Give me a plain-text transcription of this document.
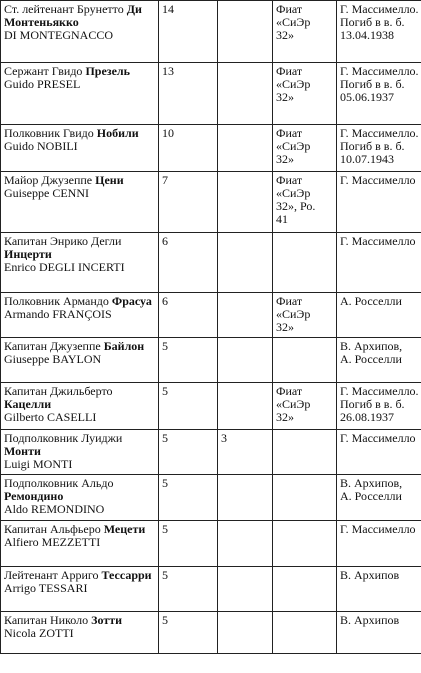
Ст. лейтенант Брунетто Ди Монтеньякко
DI MONTEGNACCO	14		Фиат
«СиЭр
32»	Г. Массимелло.
Погиб в в. б.
13.04.1938

Сержант Гвидо Презель
Guido PRESEL	13		Фиат
«СиЭр
32»	Г. Массимелло.
Погиб в в. б.
05.06.1937

Полковник Гвидо Нобили
Guido NOBILI	10		Фиат
«СиЭр
32»	Г. Массимелло.
Погиб в в. б.
10.07.1943

Майор Джузеппе Цени
Guiseppe CENNI	7		Фиат
«СиЭр
32», Ро.
41	Г. Массимелло

Капитан Энрико Дегли Инцерти
Enrico DEGLI INCERTI	6			Г. Массимелло

Полковник Армандо Фрасуа
Armando FRANÇOIS	6		Фиат
«СиЭр
32»	А. Росселли

Капитан Джузеппе Байлон
Giuseppe BAYLON	5			В. Архипов,
А. Росселли

Капитан Джильберто Кацелли
Gilberto CASELLI	5		Фиат
«СиЭр
32»	Г. Массимелло.
Погиб в в. б.
26.08.1937

Подполковник Луиджи Монти
Luigi MONTI	5	3		Г. Массимелло

Подполковник Альдо Ремондино
Aldo REMONDINO	5			В. Архипов,
А. Росселли

Капитан Альфьеро Мецети
Alfiero MEZZETTI	5			Г. Массимелло

Лейтенант Арриго Тессарри
Arrigo TESSARI	5			В. Архипов

Капитан Николо Зотти
Nicola ZOTTI	5			В. Архипов
